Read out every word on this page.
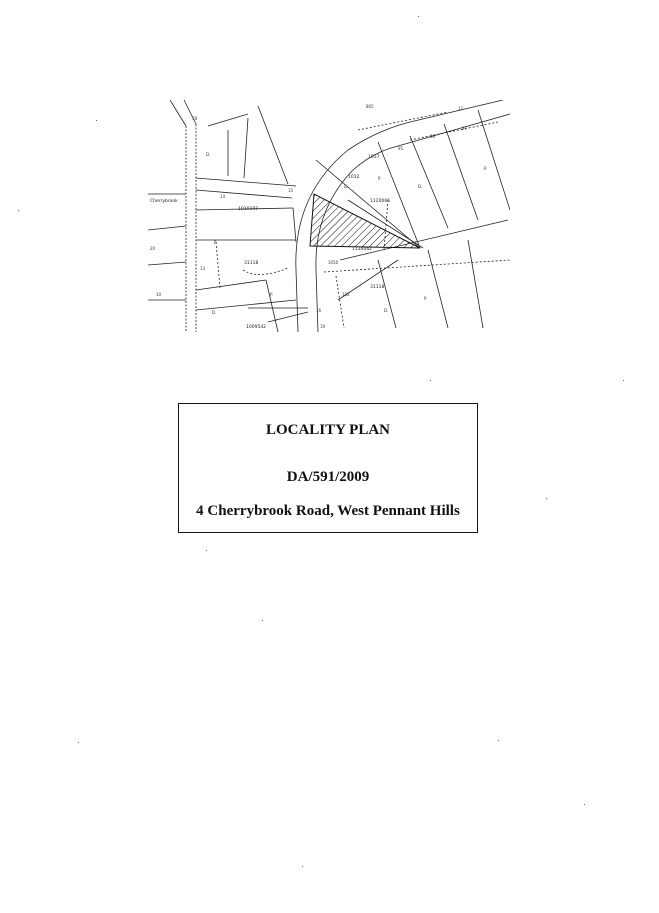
Cherrybrook
1010197
1120066
1134062
31118
31118
1057
1012
1050
1009542
18
19
20
10
12
13
14
15
16
102
95
96
97
805
D.
D.	D.
D.
D.
P.
P.
P.
P.
P.
LOCALITY PLAN
DA/591/2009
4 Cherrybrook Road, West Pennant Hills
